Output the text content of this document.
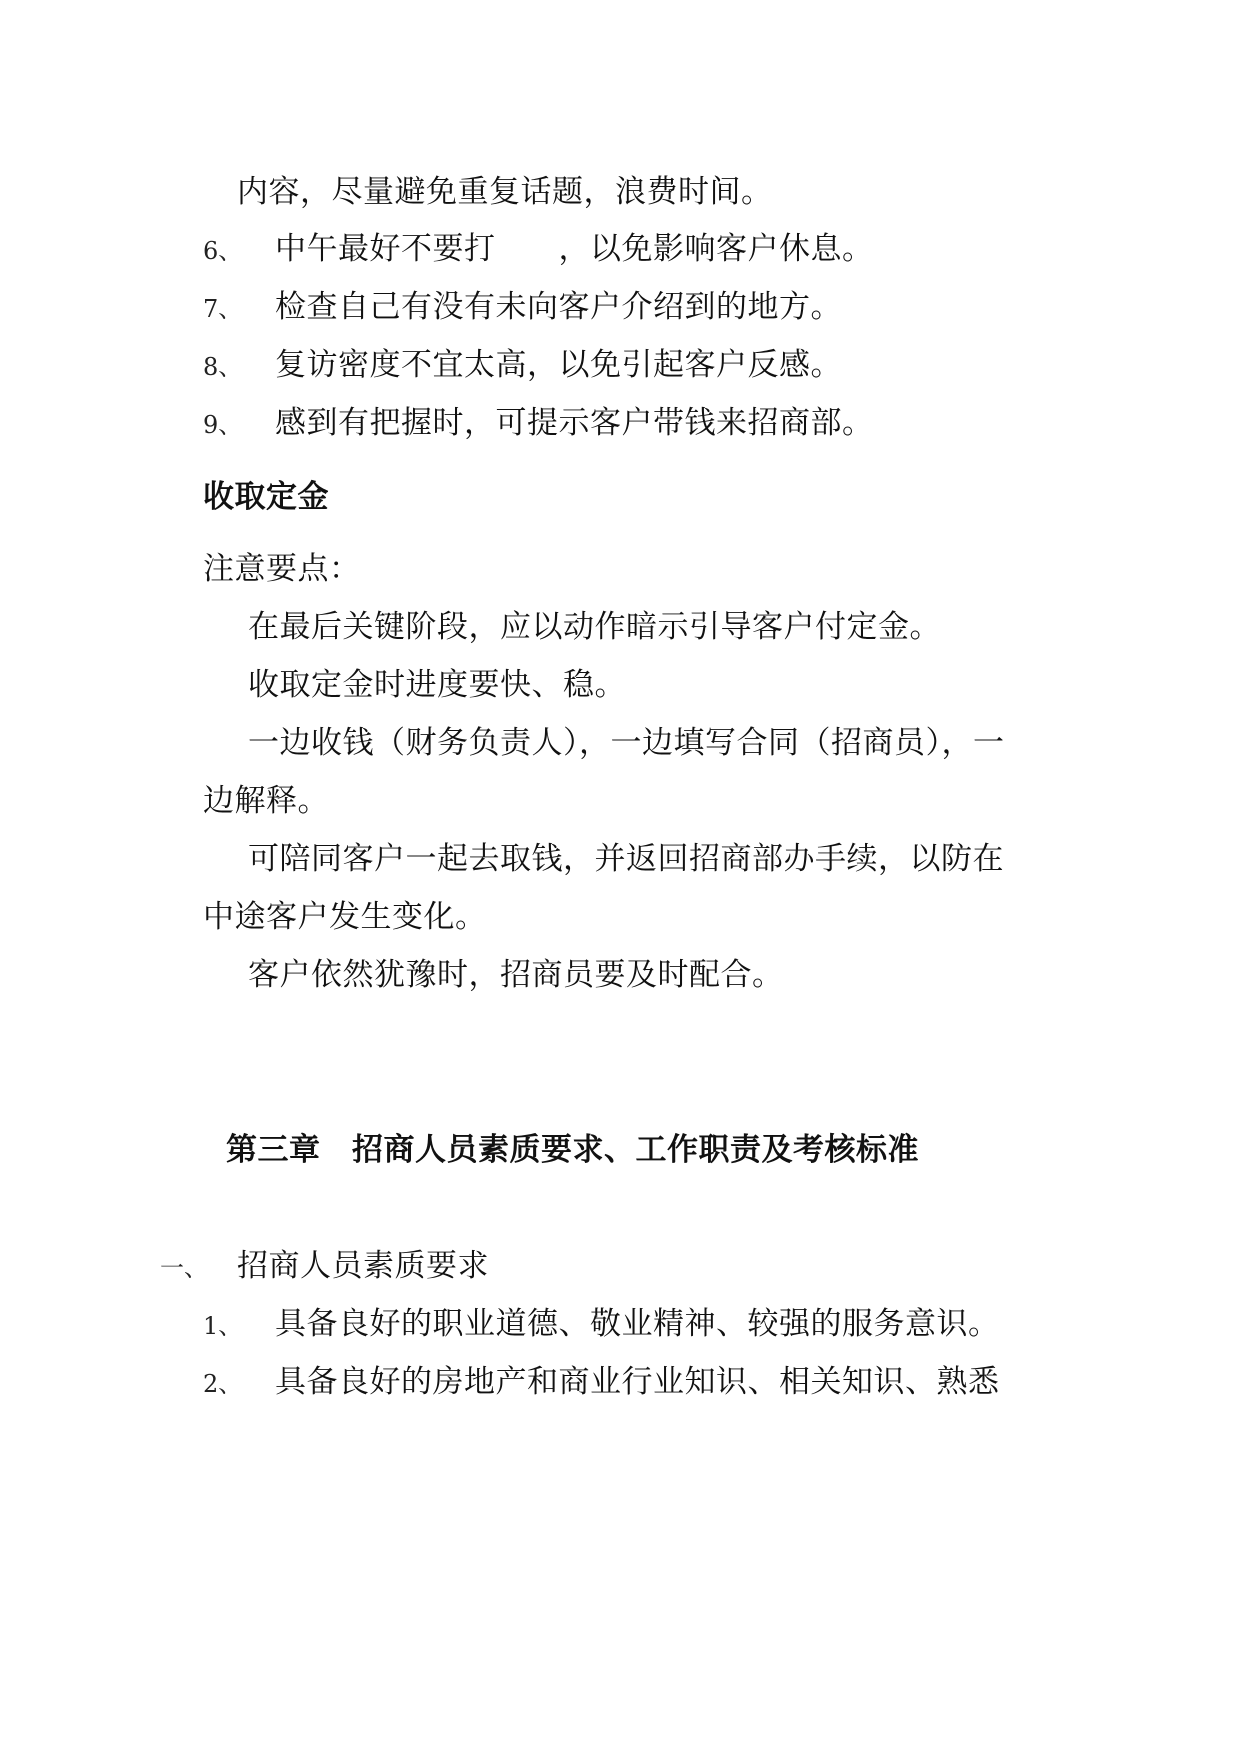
内容，尽量避免重复话题，浪费时间。
6、 中午最好不要打　　，以免影响客户休息。
7、 检查自己有没有未向客户介绍到的地方。
8、 复访密度不宜太高，以免引起客户反感。
9、 感到有把握时，可提示客户带钱来招商部。
收取定金
注意要点：
在最后关键阶段，应以动作暗示引导客户付定金。
收取定金时进度要快、稳。
一边收钱（财务负责人），一边填写合同（招商员），一
边解释。
可陪同客户一起去取钱，并返回招商部办手续，以防在
中途客户发生变化。
客户依然犹豫时，招商员要及时配合。
第三章　招商人员素质要求、工作职责及考核标准
一、 招商人员素质要求
1、 具备良好的职业道德、敬业精神、较强的服务意识。
2、 具备良好的房地产和商业行业知识、相关知识、熟悉
